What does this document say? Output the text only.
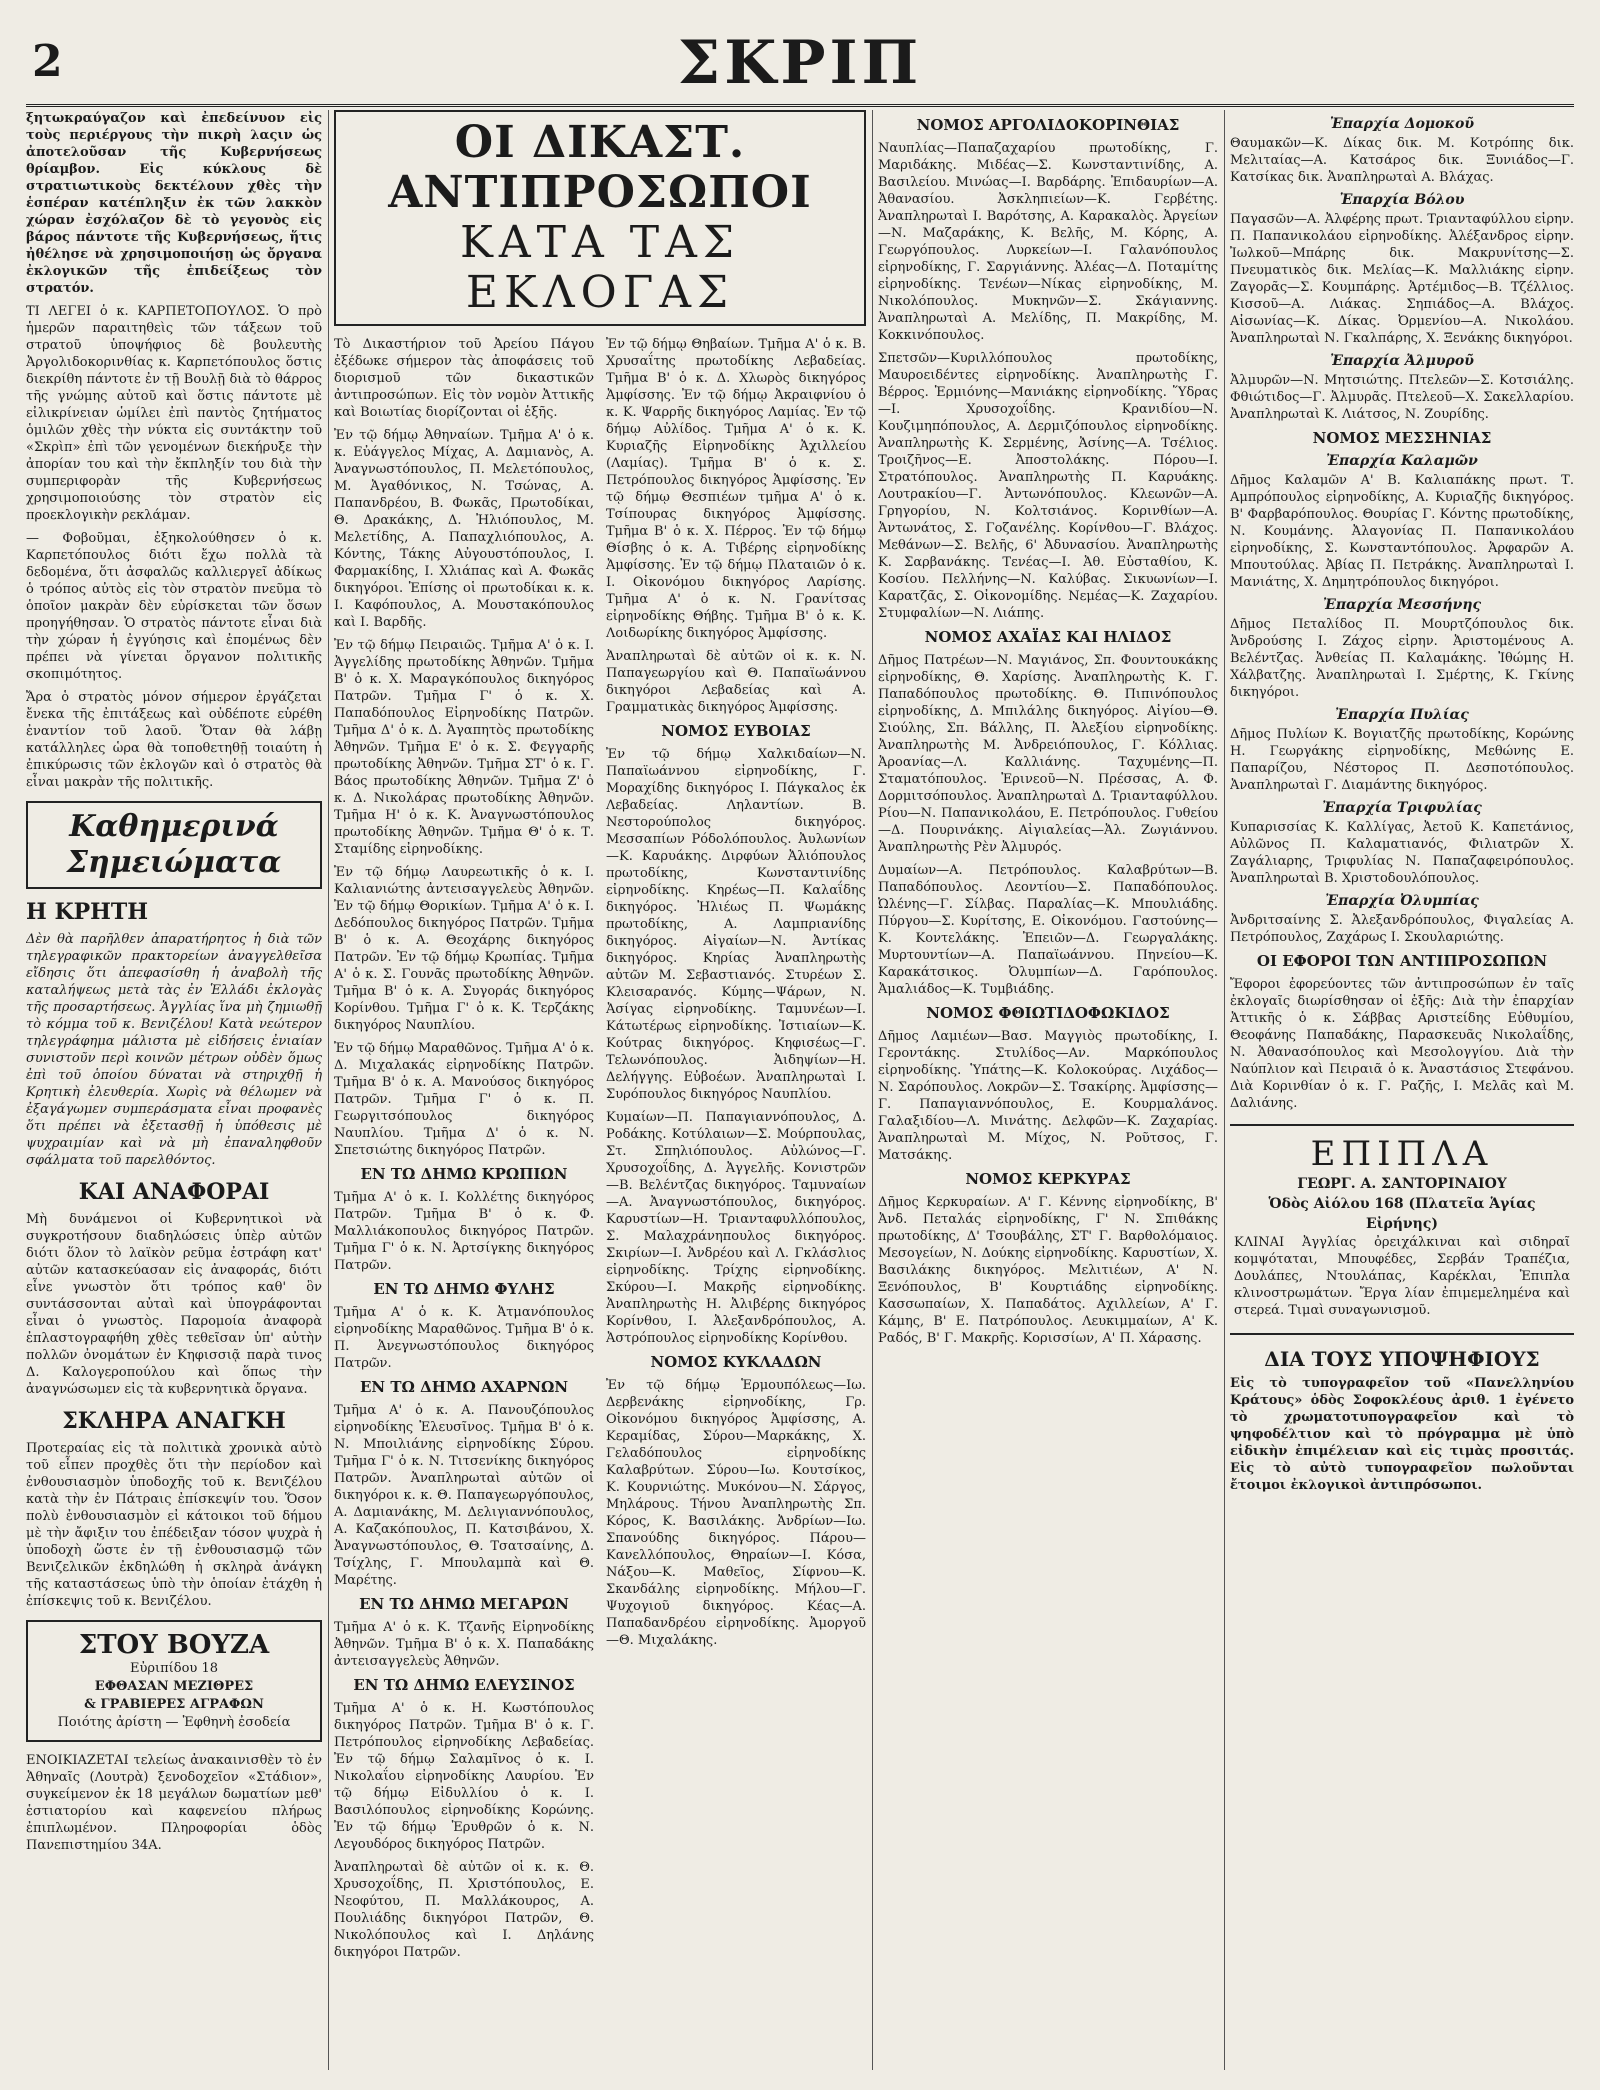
2	ΣΚΡΙΠ

ξητωκραύγαζον καὶ ἐπεδείνυον εἰς τοὺς περιέργους τὴν πικρὴ λαςιν ὡς ἀποτελοῦσαν τῆς Κυβερνήσεως θρίαμβον. Εἰς κύκλους δὲ στρατιωτικοὺς δεκτέλουν χθὲς τὴν ἑσπέραν κατέπληξιν ἐκ τῶν λακκὸν χώραν ἐσχόλαζον δὲ τὸ γεγονὸς εἰς βάρος πάντοτε τῆς Κυβερνήσεως, ἥτις ἠθέλησε νὰ χρησιμοποιήσῃ ὡς ὄργανα ἐκλογικῶν τῆς ἐπιδείξεως τὸν στρατόν.

ΤΙ ΛΕΓΕΙ ὁ κ. ΚΑΡΠΕΤΟΠΟΥΛΟΣ. Ὁ πρὸ ἡμερῶν παραιτηθεὶς τῶν τάξεων τοῦ στρατοῦ ὑποψήφιος δὲ βουλευτὴς Ἀργολιδοκορινθίας κ. Καρπετόπουλος ὅστις διεκρίθη πάντοτε ἐν τῇ Βουλῇ διὰ τὸ θάρρος τῆς γνώμης αὐτοῦ καὶ ὅστις πάντοτε μὲ εἰλικρίνειαν ὡμίλει ἐπὶ παντὸς ζητήματος ὁμιλῶν χθὲς τὴν νύκτα εἰς συντάκτην τοῦ «Σκρὶπ» ἐπὶ τῶν γενομένων διεκήρυξε τὴν ἀπορίαν του καὶ τὴν ἔκπληξίν του διὰ τὴν συμπεριφορὰν τῆς Κυβερνήσεως χρησιμοποιούσης τὸν στρατὸν εἰς προεκλογικὴν ρεκλάμαν.

— Φοβοῦμαι, ἐξηκολούθησεν ὁ κ. Καρπετόπουλος διότι ἔχω πολλὰ τὰ δεδομένα, ὅτι ἀσφαλῶς καλλιεργεῖ ἀδίκως ὁ τρόπος αὐτὸς εἰς τὸν στρατὸν πνεῦμα τὸ ὁποῖον μακρὰν δὲν εὑρίσκεται τῶν ὅσων προηγήθησαν. Ὁ στρατὸς πάντοτε εἶναι διὰ τὴν χώραν ἡ ἐγγύησις καὶ ἐπομένως δὲν πρέπει νὰ γίνεται ὄργανον πολιτικῆς σκοπιμότητος.

Ἄρα ὁ στρατὸς μόνον σήμερον ἐργάζεται ἔνεκα τῆς ἐπιτάξεως καὶ οὐδέποτε εὑρέθη ἐναντίον τοῦ λαοῦ. Ὅταν θὰ λάβῃ κατάλληλες ὡρα θὰ τοποθετηθῇ τοιαύτη ἡ ἐπικύρωσις τῶν ἐκλογῶν καὶ ὁ στρατὸς θὰ εἶναι μακρὰν τῆς πολιτικῆς.

Καθημερινά
Σημειώματα
Η ΚΡΗΤΗ

Δὲν θὰ παρῆλθεν ἀπαρατήρητος ἡ διὰ τῶν τηλεγραφικῶν πρακτορείων ἀναγγελθεῖσα εἴδησις ὅτι ἀπεφασίσθη ἡ ἀναβολὴ τῆς καταλήψεως μετὰ τὰς ἐν Ἑλλάδι ἐκλογὰς τῆς προσαρτήσεως. Ἀγγλίας ἵνα μὴ ζημιωθῇ τὸ κόμμα τοῦ κ. Βενιζέλου! Κατὰ νεώτερον τηλεγράφημα μάλιστα μὲ εἰδήσεις ἐνιαίαν συνιστοῦν περὶ κοινῶν μέτρων οὐδὲν ὅμως ἐπὶ τοῦ ὁποίου δύναται νὰ στηριχθῇ ἡ Κρητικὴ ἐλευθερία. Χωρὶς νὰ θέλωμεν νὰ ἐξαγάγωμεν συμπεράσματα εἶναι προφανὲς ὅτι πρέπει νὰ ἐξετασθῇ ἡ ὑπόθεσις μὲ ψυχραιμίαν καὶ νὰ μὴ ἐπαναληφθοῦν σφάλματα τοῦ παρελθόντος.

ΚΑΙ ΑΝΑΦΟΡΑΙ

Μὴ δυνάμενοι οἱ Κυβερνητικοὶ νὰ συγκροτήσουν διαδηλώσεις ὑπὲρ αὐτῶν διότι ὅλον τὸ λαϊκὸν ρεῦμα ἐστράφη κατ' αὐτῶν κατασκεύασαν εἰς ἀναφοράς, διότι εἶνε γνωστὸν ὅτι τρόπος καθ' ὃν συντάσσονται αὐταὶ καὶ ὑπογράφονται εἶναι ὁ γνωστὸς. Παρομοία ἀναφορὰ ἐπλαστογραφήθη χθὲς τεθεῖσαν ὑπ' αὐτὴν πολλῶν ὀνομάτων ἐν Κηφισσιᾷ παρὰ τινος Δ. Καλογεροπούλου καὶ ὅπως τὴν ἀναγνώσωμεν εἰς τὰ κυβερνητικὰ ὄργανα.

ΣΚΛΗΡΑ ΑΝΑΓΚΗ

Προτεραίας εἰς τὰ πολιτικὰ χρονικὰ αὐτὸ τοῦ εἶπεν προχθὲς ὅτι τὴν περίοδον καὶ ἐνθουσιασμὸν ὑποδοχῆς τοῦ κ. Βενιζέλου κατὰ τὴν ἐν Πάτραις ἐπίσκεψίν του. Ὅσον πολὺ ἐνθουσιασμὸν εἰ κάτοικοι τοῦ δήμου μὲ τὴν ἄφιξιν του ἐπέδειξαν τόσον ψυχρὰ ἡ ὑποδοχὴ ὥστε ἐν τῇ ἐνθουσιασμῷ τῶν Βενιζελικῶν ἐκδηλώθη ἡ σκληρὰ ἀνάγκη τῆς καταστάσεως ὑπὸ τὴν ὁποίαν ἐτάχθη ἡ ἐπίσκεψις τοῦ κ. Βενιζέλου.

ΣΤΟΥ ΒΟΥΖΑ
Εὐριπίδου 18
ΕΦΘΑΣΑΝ ΜΕΖΙΘΡΕΣ
& ΓΡΑΒΙΕΡΕΣ ΑΓΡΑΦΩΝ
Ποιότης ἀρίστη — Ἐφθηνὴ ἐσοδεία

ΕΝΟΙΚΙΑΖΕΤΑΙ τελείως ἀνακαινισθὲν τὸ ἐν Ἀθηναῖς (Λουτρὰ) ξενοδοχεῖον «Στάδιον», συγκείμενον ἐκ 18 μεγάλων δωματίων μεθ' ἑστιατορίου καὶ καφενείου πλήρως ἐπιπλωμένον. Πληροφορίαι ὁδὸς Πανεπιστημίου 34Α.

ΟΙ ΔΙΚΑΣΤ. ΑΝΤΙΠΡΟΣΩΠΟΙ
ΚΑΤΑ ΤΑΣ ΕΚΛΟΓΑΣ

Τὸ Δικαστήριον τοῦ Ἀρείου Πάγου ἐξέδωκε σήμερον τὰς ἀποφάσεις τοῦ διορισμοῦ τῶν δικαστικῶν ἀντιπροσώπων. Εἰς τὸν νομὸν Ἀττικῆς καὶ Βοιωτίας διορίζονται οἱ ἑξῆς.

Ἐν τῷ δήμῳ Ἀθηναίων. Τμῆμα Α' ὁ κ. κ. Εὐάγγελος Μίχας, Α. Δαμιανὸς, Α. Ἀναγνωστόπουλος, Π. Μελετόπουλος, Μ. Ἀγαθόνικος, Ν. Τσώνας, Α. Παπανδρέου, Β. Φωκᾶς, Πρωτοδίκαι, Θ. Δρακάκης, Δ. Ἠλιόπουλος, Μ. Μελετίδης, Α. Παπαχλιόπουλος, Α. Κόντης, Τάκης Αὐγουστόπουλος, Ι. Φαρμακίδης, Ι. Χλιάπας καὶ Α. Φωκᾶς δικηγόροι. Ἐπίσης οἱ πρωτοδίκαι κ. κ. Ι. Καφόπουλος, Α. Μουστακόπουλος καὶ Ι. Βαρδῆς.

Ἐν τῷ δήμῳ Πειραιῶς. Τμῆμα Α' ὁ κ. Ι. Ἀγγελίδης πρωτοδίκης Ἀθηνῶν. Τμῆμα Β' ὁ κ. Χ. Μαραγκόπουλος δικηγόρος Πατρῶν. Τμῆμα Γ' ὁ κ. Χ. Παπαδόπουλος Εἰρηνοδίκης Πατρῶν. Τμῆμα Δ' ὁ κ. Δ. Ἀγαπητὸς πρωτοδίκης Ἀθηνῶν. Τμῆμα Ε' ὁ κ. Σ. Φεγγαρῆς πρωτοδίκης Ἀθηνῶν. Τμῆμα ΣΤ' ὁ κ. Γ. Βάος πρωτοδίκης Ἀθηνῶν. Τμῆμα Ζ' ὁ κ. Δ. Νικολάρας πρωτοδίκης Ἀθηνῶν. Τμῆμα Η' ὁ κ. Κ. Ἀναγνωστόπουλος πρωτοδίκης Ἀθηνῶν. Τμῆμα Θ' ὁ κ. Τ. Σταμίδης εἰρηνοδίκης.

Ἐν τῷ δήμῳ Λαυρεωτικῆς ὁ κ. Ι. Καλιανιώτης ἀντεισαγγελεὺς Ἀθηνῶν. Ἐν τῷ δήμῳ Θορικίων. Τμῆμα Α' ὁ κ. Ι. Δεδόπουλος δικηγόρος Πατρῶν. Τμῆμα Β' ὁ κ. Α. Θεοχάρης δικηγόρος Πατρῶν. Ἐν τῷ δήμῳ Κρωπίας. Τμῆμα Α' ὁ κ. Σ. Γουνᾶς πρωτοδίκης Ἀθηνῶν. Τμῆμα Β' ὁ κ. Α. Συγοράς δικηγόρος Κορίνθου. Τμῆμα Γ' ὁ κ. Κ. Τερζάκης δικηγόρος Ναυπλίου.

Ἐν τῷ δήμῳ Μαραθῶνος. Τμῆμα Α' ὁ κ. Δ. Μιχαλακάς εἰρηνοδίκης Πατρῶν. Τμῆμα Β' ὁ κ. Α. Μανούσος δικηγόρος Πατρῶν. Τμῆμα Γ' ὁ κ. Π. Γεωργιτσόπουλος δικηγόρος Ναυπλίου. Τμῆμα Δ' ὁ κ. Ν. Σπετσιώτης δικηγόρος Πατρῶν.

ΕΝ ΤΩ ΔΗΜΩ ΚΡΩΠΙΩΝ

Τμῆμα Α' ὁ κ. Ι. Κολλέτης δικηγόρος Πατρῶν. Τμῆμα Β' ὁ κ. Φ. Μαλλιάκοπουλος δικηγόρος Πατρῶν. Τμῆμα Γ' ὁ κ. Ν. Ἀρτσίγκης δικηγόρος Πατρῶν.

ΕΝ ΤΩ ΔΗΜΩ ΦΥΛΗΣ

Τμῆμα Α' ὁ κ. Κ. Ἀτμανόπουλος εἰρηνοδίκης Μαραθῶνος. Τμῆμα Β' ὁ κ. Π. Ἀνεγνωστόπουλος δικηγόρος Πατρῶν.

ΕΝ ΤΩ ΔΗΜΩ ΑΧΑΡΝΩΝ

Τμῆμα Α' ὁ κ. Α. Πανουζόπουλος εἰρηνοδίκης Ἐλευσῖνος. Τμῆμα Β' ὁ κ. Ν. Μποιλιάνης εἰρηνοδίκης Σύρου. Τμῆμα Γ' ὁ κ. Ν. Τιτσενίκης δικηγόρος Πατρῶν. Ἀναπληρωταὶ αὐτῶν οἱ δικηγόροι κ. κ. Θ. Παπαγεωργόπουλος, Α. Δαμιανάκης, Μ. Δελιγιαννόπουλος, Α. Καζακόπουλος, Π. Κατσιβάνου, Χ. Ἀναγνωστόπουλος, Θ. Τσατσαίνης, Δ. Τσίχλης, Γ. Μπουλαμπὰ καὶ Θ. Μαρέτης.

ΕΝ ΤΩ ΔΗΜΩ ΜΕΓΑΡΩΝ

Τμῆμα Α' ὁ κ. Κ. Τζανῆς Εἰρηνοδίκης Ἀθηνῶν. Τμῆμα Β' ὁ κ. Χ. Παπαδάκης ἀντεισαγγελεὺς Ἀθηνῶν.

ΕΝ ΤΩ ΔΗΜΩ ΕΛΕΥΣΙΝΟΣ

Τμῆμα Α' ὁ κ. Η. Κωστόπουλος δικηγόρος Πατρῶν. Τμῆμα Β' ὁ κ. Γ. Πετρόπουλος εἰρηνοδίκης Λεβαδείας. Ἐν τῷ δήμῳ Σαλαμῖνος ὁ κ. Ι. Νικολαΐου εἰρηνοδίκης Λαυρίου. Ἐν τῷ δήμῳ Εἰδυλλίου ὁ κ. Ι. Βασιλόπουλος εἰρηνοδίκης Κορώνης. Ἐν τῷ δήμῳ Ἐρυθρῶν ὁ κ. Ν. Λεγουδόρος δικηγόρος Πατρῶν.

Ἀναπληρωταὶ δὲ αὐτῶν οἱ κ. κ. Θ. Χρυσοχοΐδης, Π. Χριστόπουλος, Ε. Νεοφύτου, Π. Μαλλάκουρος, Α. Πουλιάδης δικηγόροι Πατρῶν, Θ. Νικολόπουλος καὶ Ι. Δηλάνης δικηγόροι Πατρῶν.

Ἐν τῷ δήμῳ Θηβαίων. Τμῆμα Α' ὁ κ. Β. Χρυσαΐτης πρωτοδίκης Λεβαδείας. Τμῆμα Β' ὁ κ. Δ. Χλωρὸς δικηγόρος Ἀμφίσσης. Ἐν τῷ δήμῳ Ἀκραιφνίου ὁ κ. Κ. Ψαρρῆς δικηγόρος Λαμίας. Ἐν τῷ δήμῳ Αὐλίδος. Τμῆμα Α' ὁ κ. Κ. Κυριαζῆς Εἰρηνοδίκης Ἀχιλλείου (Λαμίας). Τμῆμα Β' ὁ κ. Σ. Πετρόπουλος δικηγόρος Ἀμφίσσης. Ἐν τῷ δήμῳ Θεσπιέων τμῆμα Α' ὁ κ. Τσίπουρας δικηγόρος Ἀμφίσσης. Τμῆμα Β' ὁ κ. Χ. Πέρρος. Ἐν τῷ δήμῳ Θίσβης ὁ κ. Α. Τιβέρης εἰρηνοδίκης Ἀμφίσσης. Ἐν τῷ δήμῳ Πλαταιῶν ὁ κ. Ι. Οἰκονόμου δικηγόρος Λαρίσης. Τμῆμα Α' ὁ κ. Ν. Γρανίτσας εἰρηνοδίκης Θήβης. Τμῆμα Β' ὁ κ. Κ. Λοιδωρίκης δικηγόρος Ἀμφίσσης.

Ἀναπληρωταὶ δὲ αὐτῶν οἱ κ. κ. Ν. Παπαγεωργίου καὶ Θ. Παπαϊωάννου δικηγόροι Λεβαδείας καὶ Α. Γραμματικὰς δικηγόρος Ἀμφίσσης.

ΝΟΜΟΣ ΕΥΒΟΙΑΣ

Ἐν τῷ δήμῳ Χαλκιδαίων—Ν. Παπαϊωάννου εἰρηνοδίκης, Γ. Μοραχίδης δικηγόρος Ι. Πάγκαλος ἐκ Λεβαδείας. Ληλαντίων. Β. Νεστορούπολος δικηγόρος. Μεσσαπίων Ρόδολόπουλος. Ἀυλωνίων—Κ. Καρυάκης. Διρφύων Ἀλιόπουλος πρωτοδίκης, Κωνσταντινίδης εἰρηνοδίκης. Κηρέως—Π. Καλαΐδης δικηγόρος. Ἠλιέως Π. Ψωμάκης πρωτοδίκης, Α. Λαμπριανίδης δικηγόρος. Αἰγαίων—Ν. Ἀντίκας δικηγόρος. Κηρίας Ἀναπληρωτὴς αὐτῶν Μ. Σεβαστιανός. Στυρέων Σ. Κλεισαρανός. Κύμης—Ψάρων, Ν. Ἀσίγας εἰρηνοδίκης. Ταμυνέων—Ι. Κάτωτέρως εἰρηνοδίκης. Ἰστιαίων—Κ. Κούτρας δικηγόρος. Κηφισέως—Γ. Τελωνόπουλος. Ἀιδηψίων—Η. Δελήγγης. Εὐβοέων. Ἀναπληρωταὶ Ι. Συρόπουλος δικηγόρος Ναυπλίου.

Κυμαίων—Π. Παπαγιαννόπουλος, Δ. Ροδάκης. Κοτύλαιων—Σ. Μούρπουλας, Στ. Σπηλιόπουλος. Αὐλώνος—Γ. Χρυσοχοΐδης, Δ. Ἀγγελῆς. Κονιστρῶν—Β. Βελέντζας δικηγόρος. Ταμυναίων—Α. Ἀναγνωστόπουλος, δικηγόρος. Καρυστίων—Η. Τριανταφυλλόπουλος, Σ. Μαλαχράνηπουλος δικηγόρος. Σκιρίων—Ι. Ἀνδρέου καὶ Λ. Γκλάσλιος εἰρηνοδίκης. Τρίχης εἰρηνοδίκης. Σκύρου—Ι. Μακρῆς εἰρηνοδίκης. Ἀναπληρωτὴς Η. Ἀλιβέρης δικηγόρος Κορίνθου, Ι. Ἀλεξανδρόπουλος, Α. Ἀστρόπουλος εἰρηνοδίκης Κορίνθου.

ΝΟΜΟΣ ΚΥΚΛΑΔΩΝ

Ἐν τῷ δήμῳ Ἑρμουπόλεως—Ιω. Δερβενάκης εἰρηνοδίκης, Γρ. Οἰκονόμου δικηγόρος Ἀμφίσσης, Α. Κεραμίδας, Σύρου—Μαρκάκης, Χ. Γελαδόπουλος εἰρηνοδίκης Καλαβρύτων. Σύρου—Ιω. Κουτσίκος, Κ. Κουρνιώτης. Μυκόνου—Ν. Σάργος, Μηλάρους. Τήνου Ἀναπληρωτὴς Σπ. Κόρος, Κ. Βασιλάκης. Ἀνδρίων—Ιω. Σπανούδης δικηγόρος. Πάρου—Κανελλόπουλος, Θηραίων—Ι. Κόσα, Νάξου—Κ. Μαθεῖος, Σίφνου—Κ. Σκανδάλης εἰρηνοδίκης. Μήλου—Γ. Ψυχογιοῦ δικηγόρος. Κέας—Α. Παπαδανδρέου εἰρηνοδίκης. Ἀμοργοῦ—Θ. Μιχαλάκης.

ΝΟΜΟΣ ΑΡΓΟΛΙΔΟΚΟΡΙΝΘΙΑΣ

Ναυπλίας—Παπαζαχαρίου πρωτοδίκης, Γ. Μαριδάκης. Μιδέας—Σ. Κωνσταντινίδης, Α. Βασιλείου. Μινώας—Ι. Βαρδάρης. Ἐπιδαυρίων—Α. Ἀθανασίου. Ἀσκληπιείων—Κ. Γερβέτης. Ἀναπληρωταὶ Ι. Βαρότσης, Α. Καρακαλὸς. Ἀργείων—Ν. Μαζαράκης, Κ. Βελῆς, Μ. Κόρης, Α. Γεωργόπουλος. Λυρκείων—Ι. Γαλανόπουλος εἰρηνοδίκης, Γ. Σαργιάννης. Ἀλέας—Δ. Ποταμίτης εἰρηνοδίκης. Τενέων—Νίκας εἰρηνοδίκης, Μ. Νικολόπουλος. Μυκηνῶν—Σ. Σκάγιαννης. Ἀναπληρωταὶ Α. Μελίδης, Π. Μακρίδης, Μ. Κοκκινόπουλος.

Σπετσῶν—Κυριλλόπουλος πρωτοδίκης, Μαυροειδέντες εἰρηνοδίκης. Ἀναπληρωτὴς Γ. Βέρρος. Ἑρμιόνης—Μανιάκης εἰρηνοδίκης. Ὕδρας—Ι. Χρυσοχοΐδης. Κρανιδίου—Ν. Κουζιμηπόπουλος, Α. Δερμιζόπουλος εἰρηνοδίκης. Ἀναπληρωτὴς Κ. Σερμένης, Ἀσίνης—Α. Τσέλιος. Τροιζῆνος—Ε. Ἀποστολάκης. Πόρου—Ι. Στρατόπουλος. Ἀναπληρωτὴς Π. Καρυάκης. Λουτρακίου—Γ. Ἀντωνόπουλος. Κλεωνῶν—Α. Γρηγορίου, Ν. Κολτσιάνος. Κορινθίων—Α. Ἀντωνάτος, Σ. Γοζανέλης. Κορίνθου—Γ. Βλάχος. Μεθάνων—Σ. Βελῆς, 6' Ἀδυνασίου. Ἀναπληρωτὴς Κ. Σαρβανάκης. Τενέας—Ι. Ἀθ. Εὐσταθίου, Κ. Κοσίου. Πελλήνης—Ν. Καλύβας. Σικυωνίων—Ι. Καρατζᾶς, Σ. Οἰκονομίδης. Νεμέας—Κ. Ζαχαρίου. Στυμφαλίων—Ν. Λιάπης.

ΝΟΜΟΣ ΑΧΑΪΑΣ ΚΑΙ ΗΛΙΔΟΣ

Δῆμος Πατρέων—Ν. Μαγιάνος, Σπ. Φουντουκάκης εἰρηνοδίκης, Θ. Χαρίσης. Ἀναπληρωτὴς Κ. Γ. Παπαδόπουλος πρωτοδίκης. Θ. Πιπινόπουλος εἰρηνοδίκης, Δ. Μπιλάλης δικηγόρος. Αἰγίου—Θ. Σιούλης, Σπ. Βάλλης, Π. Ἀλεξίου εἰρηνοδίκης. Ἀναπληρωτὴς Μ. Ἀνδρειόπουλος, Γ. Κόλλιας. Ἀροανίας—Λ. Καλλιάνης. Ταχυμένης—Π. Σταματόπουλος. Ἐρινεοῦ—Ν. Πρέσσας, Α. Φ. Δορμιτσόπουλος. Ἀναπληρωταὶ Δ. Τριανταφύλλου. Ρίου—Ν. Παπανικολάου, Ε. Πετρόπουλος. Γυθείου—Δ. Πουρινάκης. Αἰγιαλείας—Ἀλ. Ζωγιάννου. Ἀναπληρωτὴς Ρὲν Ἀλμυρός.

Δυμαίων—Α. Πετρόπουλος. Καλαβρύτων—Β. Παπαδόπουλος. Λεοντίου—Σ. Παπαδόπουλος. Ὠλένης—Γ. Σίλβας. Παραλίας—Κ. Μπουλιάδης. Πύργου—Σ. Κυρίτσης, Ε. Οἰκονόμου. Γαστούνης—Κ. Κοντελάκης. Ἐπειῶν—Δ. Γεωργαλάκης. Μυρτουντίων—Α. Παπαϊωάννου. Πηνείου—Κ. Καρακάτσικος. Ὀλυμπίων—Δ. Γαρόπουλος. Ἀμαλιάδος—Κ. Τυμβιάδης.

ΝΟΜΟΣ ΦΘΙΩΤΙΔΟΦΩΚΙΔΟΣ

Δῆμος Λαμιέων—Βασ. Μαγγιὸς πρωτοδίκης, Ι. Γεροντάκης. Στυλίδος—Αν. Μαρκόπουλος εἰρηνοδίκης. Ὑπάτης—Κ. Κολοκούρας. Λιχάδος—Ν. Σαρόπουλος. Λοκρῶν—Σ. Τσακίρης. Ἀμφίσσης—Γ. Παπαγιαννόπουλος, Ε. Κουρμαλάνος. Γαλαξιδίου—Λ. Μινάτης. Δελφῶν—Κ. Ζαχαρίας. Ἀναπληρωταὶ Μ. Μίχος, Ν. Ροῦτσος, Γ. Ματσάκης.

ΝΟΜΟΣ ΚΕΡΚΥΡΑΣ

Δῆμος Κερκυραίων. Α' Γ. Κέννης εἰρηνοδίκης, Β' Ἀνδ. Πεταλάς εἰρηνοδίκης, Γ' Ν. Σπιθάκης πρωτοδίκης, Δ' Τσουβάλης, ΣΤ' Γ. Βαρθολόμαιος. Μεσογείων, Ν. Δούκης εἰρηνοδίκης. Καρυστίων, Χ. Βασιλάκης δικηγόρος. Μελιτιέων, Α' Ν. Ξενόπουλος, Β' Κουρτιάδης εἰρηνοδίκης. Κασσωπαίων, Χ. Παπαδάτος. Αχιλλείων, Α' Γ. Κάμης, Β' Ε. Πατρόπουλος. Λευκιμμαίων, Α' Κ. Ραδός, Β' Γ. Μακρῆς. Κορισσίων, Α' Π. Χάρασης.

Ἐπαρχία Δομοκοῦ

Θαυμακῶν—Κ. Δίκας δικ. Μ. Κοτρόπης δικ. Μελιταίας—Α. Κατσάρος δικ. Ξυνιάδος—Γ. Κατσίκας δικ. Ἀναπληρωταὶ Α. Βλάχας.

Ἐπαρχία Βόλου

Παγασῶν—Α. Ἀλφέρης πρωτ. Τριανταφύλλου εἰρην. Π. Παπανικολάου εἰρηνοδίκης. Ἀλέξανδρος εἰρην. Ἰωλκοῦ—Μπάρης δικ. Μακρυνίτσης—Σ. Πνευματικὸς δικ. Μελίας—Κ. Μαλλιάκης εἰρην. Ζαγορᾶς—Σ. Κουμπάρης. Ἀρτέμιδος—Β. Τζέλλιος. Κισσοῦ—Α. Λιάκας. Σηπιάδος—Α. Βλάχος. Αἰσωνίας—Κ. Δίκας. Ὀρμενίου—Α. Νικολάου. Ἀναπληρωταὶ Ν. Γκαλπάρης, Χ. Ξενάκης δικηγόροι.

Ἐπαρχία Ἀλμυροῦ

Ἀλμυρῶν—Ν. Μητσιώτης. Πτελεῶν—Σ. Κοτσιάλης. Φθιώτιδος—Γ. Ἀλμυρᾶς. Πτελεοῦ—Χ. Σακελλαρίου. Ἀναπληρωταὶ Κ. Λιάτσος, Ν. Ζουρίδης.

ΝΟΜΟΣ ΜΕΣΣΗΝΙΑΣ
Ἐπαρχία Καλαμῶν

Δῆμος Καλαμῶν Α' Β. Καλιαπάκης πρωτ. Τ. Αμπρόπουλος εἰρηνοδίκης, Α. Κυριαζῆς δικηγόρος. Β' Φαρβαρόπουλος. Θουρίας Γ. Κόντης πρωτοδίκης, Ν. Κουμάνης. Ἀλαγονίας Π. Παπανικολάου εἰρηνοδίκης, Σ. Κωνσταντόπουλος. Ἀρφαρῶν Α. Μπουτούλας. Ἀβίας Π. Πετράκης. Ἀναπληρωταὶ Ι. Μανιάτης, Χ. Δημητρόπουλος δικηγόροι.

Ἐπαρχία Μεσσήνης

Δῆμος Πεταλίδος Π. Μουρτζόπουλος δικ. Ἀνδρούσης Ι. Ζάχος εἰρην. Ἀριστομένους Α. Βελέντζας. Ἀνθείας Π. Καλαμάκης. Ἰθώμης Η. Χάλβατζης. Ἀναπληρωταὶ Ι. Σμέρτης, Κ. Γκίνης δικηγόροι.

Ἐπαρχία Πυλίας

Δῆμος Πυλίων Κ. Βογιατζῆς πρωτοδίκης, Κορώνης Η. Γεωργάκης εἰρηνοδίκης, Μεθώνης Ε. Παπαρίζου, Νέστορος Π. Δεσποτόπουλος. Ἀναπληρωταὶ Γ. Διαμάντης δικηγόρος.

Ἐπαρχία Τριφυλίας

Κυπαρισσίας Κ. Καλλίγας, Ἀετοῦ Κ. Καπετάνιος, Αὐλῶνος Π. Καλαματιανός, Φιλιατρῶν Χ. Ζαγάλιαρης, Τριφυλίας Ν. Παπαζαφειρόπουλος. Ἀναπληρωταὶ Β. Χριστοδουλόπουλος.

Ἐπαρχία Ὀλυμπίας

Ἀνδριτσαίνης Σ. Ἀλεξανδρόπουλος, Φιγαλείας Α. Πετρόπουλος, Ζαχάρως Ι. Σκουλαριώτης.

ΟΙ ΕΦΟΡΟΙ ΤΩΝ ΑΝΤΙΠΡΟΣΩΠΩΝ

Ἔφοροι ἐφορεύοντες τῶν ἀντιπροσώπων ἐν ταῖς ἐκλογαῖς διωρίσθησαν οἱ ἑξῆς: Διὰ τὴν ἐπαρχίαν Ἀττικῆς ὁ κ. Σάββας Αριστείδης Εὐθυμίου, Θεοφάνης Παπαδάκης, Παρασκευᾶς Νικολαΐδης, Ν. Ἀθανασόπουλος καὶ Μεσολογγίου. Διὰ τὴν Ναύπλιον καὶ Πειραιᾶ ὁ κ. Ἀναστάσιος Στεφάνου. Διὰ Κορινθίαν ὁ κ. Γ. Ραζῆς, Ι. Μελᾶς καὶ Μ. Δαλιάνης.

ΕΠΙΠΛΑ
ΓΕΩΡΓ. Α. ΣΑΝΤΟΡΙΝΑΙΟΥ
Ὁδὸς Αἰόλου 168 (Πλατεῖα Ἁγίας Εἰρήνης)

ΚΛΙΝΑΙ Ἀγγλίας ὀρειχάλκιναι καὶ σιδηραῖ κομψόταται, Μπουφέδες, Σερβάν Τραπέζια, Δουλάπες, Ντουλάπας, Καρέκλαι, Ἐπιπλα κλινοστρωμάτων. Ἔργα λίαν ἐπιμεμελημένα καὶ στερεά. Τιμαὶ συναγωνισμοῦ.

ΔΙΑ ΤΟΥΣ ΥΠΟΨΗΦΙΟΥΣ

Εἰς τὸ τυπογραφεῖον τοῦ «Πανελληνίου Κράτους» ὁδὸς Σοφοκλέους ἀριθ. 1 ἐγένετο τὸ χρωματοτυπογραφεῖον καὶ τὸ ψηφοδέλτιον καὶ τὸ πρόγραμμα μὲ ὑπὸ εἰδικὴν ἐπιμέλειαν καὶ εἰς τιμὰς προσιτάς. Εἰς τὸ αὐτὸ τυπογραφεῖον πωλοῦνται ἔτοιμοι ἐκλογικοὶ ἀντιπρόσωποι.
